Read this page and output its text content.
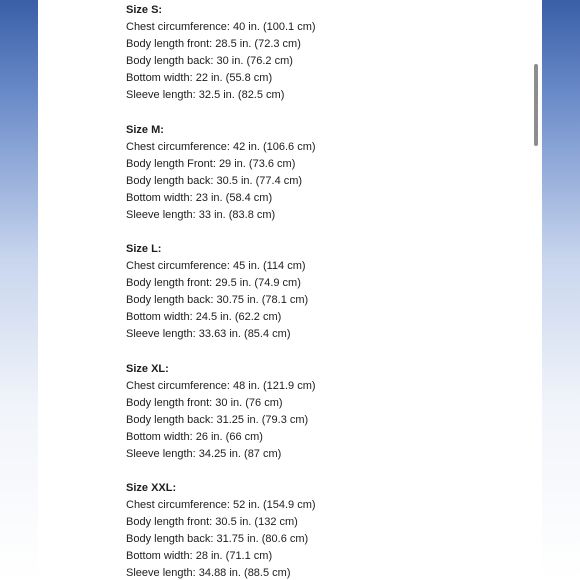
Size S:
Chest circumference: 40 in. (100.1 cm)
Body length front: 28.5 in. (72.3 cm)
Body length back: 30 in. (76.2 cm)
Bottom width: 22 in. (55.8 cm)
Sleeve length: 32.5 in. (82.5 cm)
Size M:
Chest circumference: 42 in. (106.6 cm)
Body length Front: 29 in. (73.6 cm)
Body length back: 30.5 in. (77.4 cm)
Bottom width: 23 in. (58.4 cm)
Sleeve length: 33 in. (83.8 cm)
Size L:
Chest circumference: 45 in. (114 cm)
Body length front: 29.5 in. (74.9 cm)
Body length back: 30.75 in. (78.1 cm)
Bottom width: 24.5 in. (62.2 cm)
Sleeve length: 33.63 in. (85.4 cm)
Size XL:
Chest circumference: 48 in. (121.9 cm)
Body length front: 30 in. (76 cm)
Body length back: 31.25 in. (79.3 cm)
Bottom width: 26 in. (66 cm)
Sleeve length: 34.25 in. (87 cm)
Size XXL:
Chest circumference: 52 in. (154.9 cm)
Body length front: 30.5 in. (132 cm)
Body length back: 31.75 in. (80.6 cm)
Bottom width: 28 in. (71.1 cm)
Sleeve length: 34.88 in. (88.5 cm)
